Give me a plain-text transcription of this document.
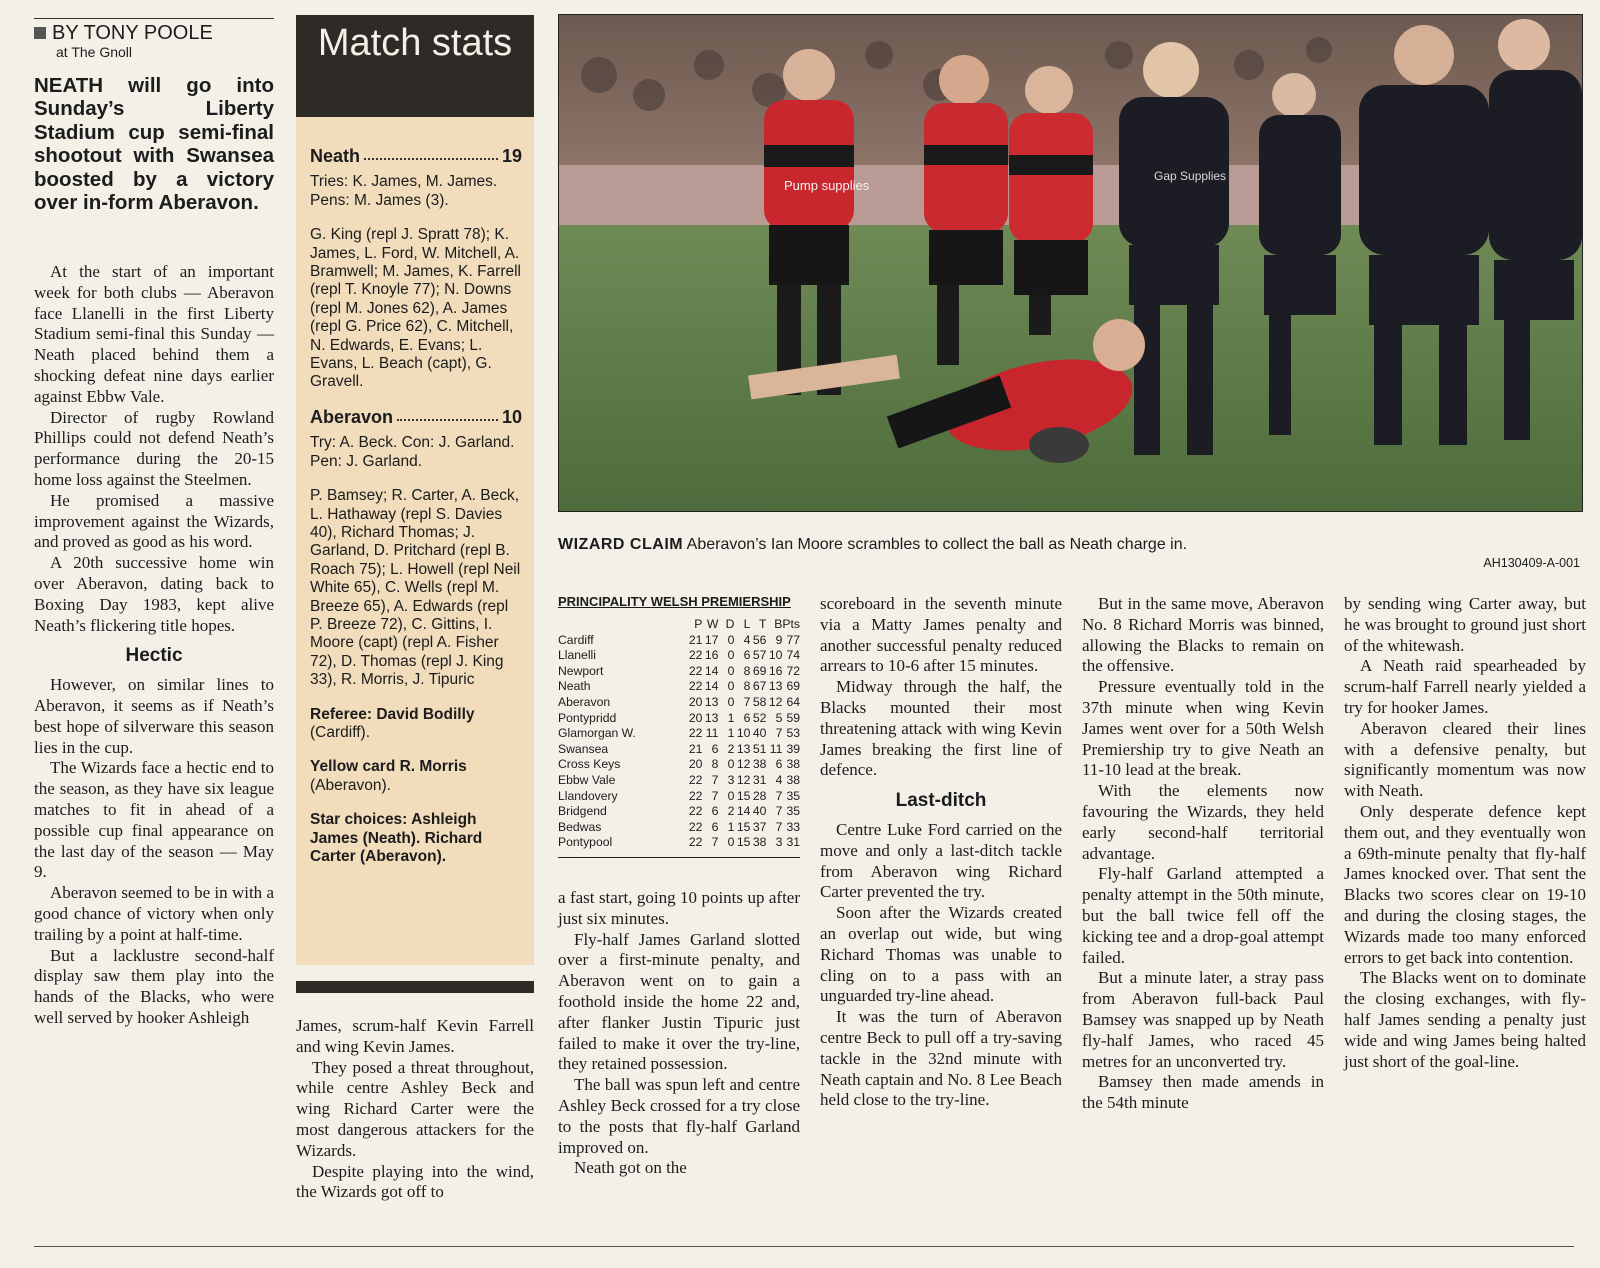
BY TONY POOLE
at The Gnoll
NEATH will go into Sunday’s Liberty Stadium cup semi-final shootout with Swansea boosted by a victory over in-form Aberavon.

At the start of an important week for both clubs — Aberavon face Llanelli in the first Liberty Stadium semi-final this Sunday — Neath placed behind them a shocking defeat nine days earlier against Ebbw Vale.

Director of rugby Rowland Phillips could not defend Neath’s performance during the 20-15 home loss against the Steelmen.

He promised a massive improvement against the Wizards, and proved as good as his word.

A 20th successive home win over Aberavon, dating back to Boxing Day 1983, kept alive Neath’s flickering title hopes.

Hectic

However, on similar lines to Aberavon, it seems as if Neath’s best hope of silverware this season lies in the cup.

The Wizards face a hectic end to the season, as they have six league matches to fit in ahead of a possible cup final appearance on the last day of the season — May 9.

Aberavon seemed to be in with a good chance of victory when only trailing by a point at half-time.

But a lacklustre second-half display saw them play into the hands of the Blacks, who were well served by hooker Ashleigh

Match stats
Neath	19

Tries: K. James, M. James. Pens: M. James (3).

G. King (repl J. Spratt 78); K. James, L. Ford, W. Mitchell, A. Bramwell; M. James, K. Farrell (repl T. Knoyle 77); N. Downs (repl M. Jones 62), A. James (repl G. Price 62), C. Mitchell, N. Edwards, E. Evans; L. Evans, L. Beach (capt), G. Gravell.

Aberavon	10

Try: A. Beck. Con: J. Garland. Pen: J. Garland.

P. Bamsey; R. Carter, A. Beck, L. Hathaway (repl S. Davies 40), Richard Thomas; J. Garland, D. Pritchard (repl B. Roach 75); L. Howell (repl Neil White 65), C. Wells (repl M. Breeze 65), A. Edwards (repl P. Breeze 72), C. Gittins, I. Moore (capt) (repl A. Fisher 72), D. Thomas (repl J. King 33), R. Morris, J. Tipuric

Referee: David Bodilly (Cardiff).

Yellow card R. Morris (Aberavon).

Star choices: Ashleigh James (Neath). Richard Carter (Aberavon).

James, scrum-half Kevin Farrell and wing Kevin James.

They posed a threat throughout, while centre Ashley Beck and wing Richard Carter were the most dangerous attackers for the Wizards.

Despite playing into the wind, the Wizards got off to

Pump supplies
Gap Supplies
WIZARD CLAIM Aberavon’s Ian Moore scrambles to collect the ball as Neath charge in.
AH130409-A-001
PRINCIPALITY WELSH PREMIERSHIP
	P	W	D	L	T	B	Pts
Cardiff	21	17	0	4	56	9	77
Llanelli	22	16	0	6	57	10	74
Newport	22	14	0	8	69	16	72
Neath	22	14	0	8	67	13	69
Aberavon	20	13	0	7	58	12	64
Pontypridd	20	13	1	6	52	5	59
Glamorgan W.	22	11	1	10	40	7	53
Swansea	21	6	2	13	51	11	39
Cross Keys	20	8	0	12	38	6	38
Ebbw Vale	22	7	3	12	31	4	38
Llandovery	22	7	0	15	28	7	35
Bridgend	22	6	2	14	40	7	35
Bedwas	22	6	1	15	37	7	33
Pontypool	22	7	0	15	38	3	31

a fast start, going 10 points up after just six minutes.

Fly-half James Garland slotted over a first-minute penalty, and Aberavon went on to gain a foothold inside the home 22 and, after flanker Justin Tipuric just failed to make it over the try-line, they retained possession.

The ball was spun left and centre Ashley Beck crossed for a try close to the posts that fly-half Garland improved on.

Neath got on the

scoreboard in the seventh minute via a Matty James penalty and another successful penalty reduced arrears to 10-6 after 15 minutes.

Midway through the half, the Blacks mounted their most threatening attack with wing Kevin James breaking the first line of defence.

Last-ditch

Centre Luke Ford carried on the move and only a last-ditch tackle from Aberavon wing Richard Carter prevented the try.

Soon after the Wizards created an overlap out wide, but wing Richard Thomas was unable to cling on to a pass with an unguarded try-line ahead.

It was the turn of Aberavon centre Beck to pull off a try-saving tackle in the 32nd minute with Neath captain and No. 8 Lee Beach held close to the try-line.

But in the same move, Aberavon No. 8 Richard Morris was binned, allowing the Blacks to remain on the offensive.

Pressure eventually told in the 37th minute when wing Kevin James went over for a 50th Welsh Premiership try to give Neath an 11-10 lead at the break.

With the elements now favouring the Wizards, they held early second-half territorial advantage.

Fly-half Garland attempted a penalty attempt in the 50th minute, but the ball twice fell off the kicking tee and a drop-goal attempt failed.

But a minute later, a stray pass from Aberavon full-back Paul Bamsey was snapped up by Neath fly-half James, who raced 45 metres for an unconverted try.

Bamsey then made amends in the 54th minute

by sending wing Carter away, but he was brought to ground just short of the whitewash.

A Neath raid spearheaded by scrum-half Farrell nearly yielded a try for hooker James.

Aberavon cleared their lines with a defensive penalty, but significantly momentum was now with Neath.

Only desperate defence kept them out, and they eventually won a 69th-minute penalty that fly-half James knocked over. That sent the Blacks two scores clear on 19-10 and during the closing stages, the Wizards made too many enforced errors to get back into contention.

The Blacks went on to dominate the closing exchanges, with fly-half James sending a penalty just wide and wing James being halted just short of the goal-line.
